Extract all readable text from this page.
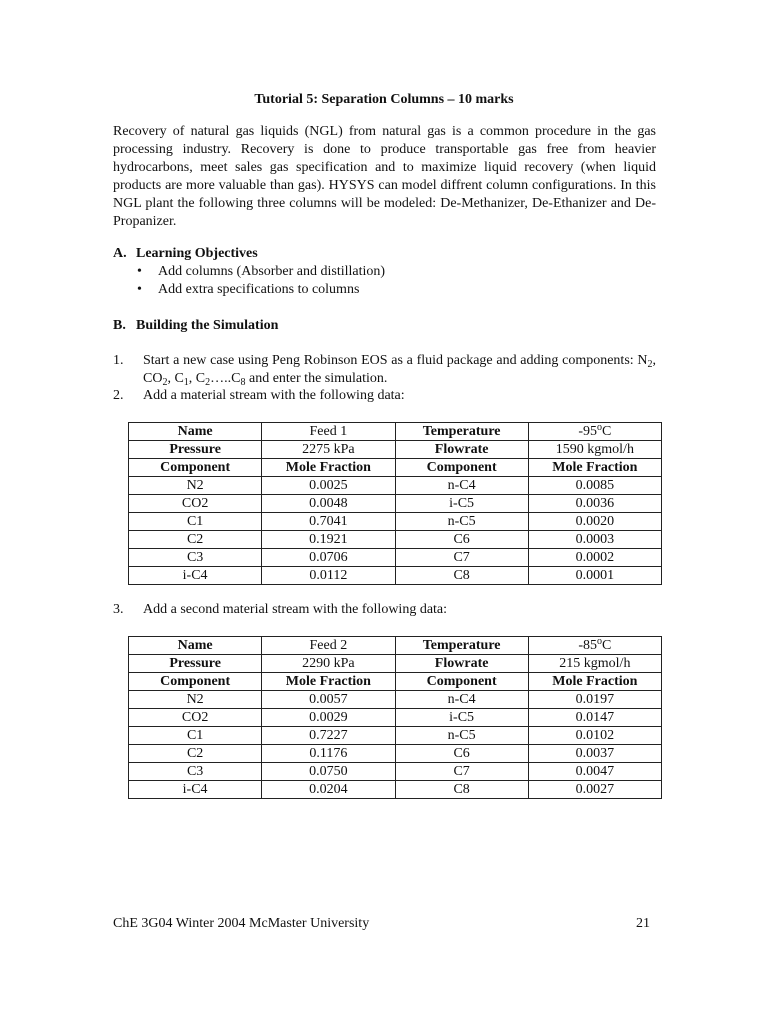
Tutorial 5: Separation Columns – 10 marks

Recovery of natural gas liquids (NGL) from natural gas is a common procedure in the gas processing industry. Recovery is done to produce transportable gas free from heavier hydrocarbons, meet sales gas specification and to maximize liquid recovery (when liquid products are more valuable than gas). HYSYS can model diffrent column configurations. In this NGL plant the following three columns will be modeled: De-Methanizer, De-Ethanizer and De-Propanizer.

A. Learning Objectives
• Add columns (Absorber and distillation)
• Add extra specifications to columns
B. Building the Simulation
1. Start a new case using Peng Robinson EOS as a fluid package and adding components: $N_2$, $CO_2$, $C_1$, $C_2\dots..C_8$ and enter the simulation.
2. Add a material stream with the following data:
Name	Feed 1	Temperature	-95$^o$C
Pressure	2275 kPa	Flowrate	1590 kgmol/h
Component	Mole Fraction	Component	Mole Fraction
N2	0.0025	n-C4	0.0085
CO2	0.0048	i-C5	0.0036
C1	0.7041	n-C5	0.0020
C2	0.1921	C6	0.0003
C3	0.0706	C7	0.0002
i-C4	0.0112	C8	0.0001
3. Add a second material stream with the following data:
Name	Feed 2	Temperature	-85$^o$C
Pressure	2290 kPa	Flowrate	215 kgmol/h
Component	Mole Fraction	Component	Mole Fraction
N2	0.0057	n-C4	0.0197
CO2	0.0029	i-C5	0.0147
C1	0.7227	n-C5	0.0102
C2	0.1176	C6	0.0037
C3	0.0750	C7	0.0047
i-C4	0.0204	C8	0.0027
ChE 3G04 Winter 2004 McMaster University	21
